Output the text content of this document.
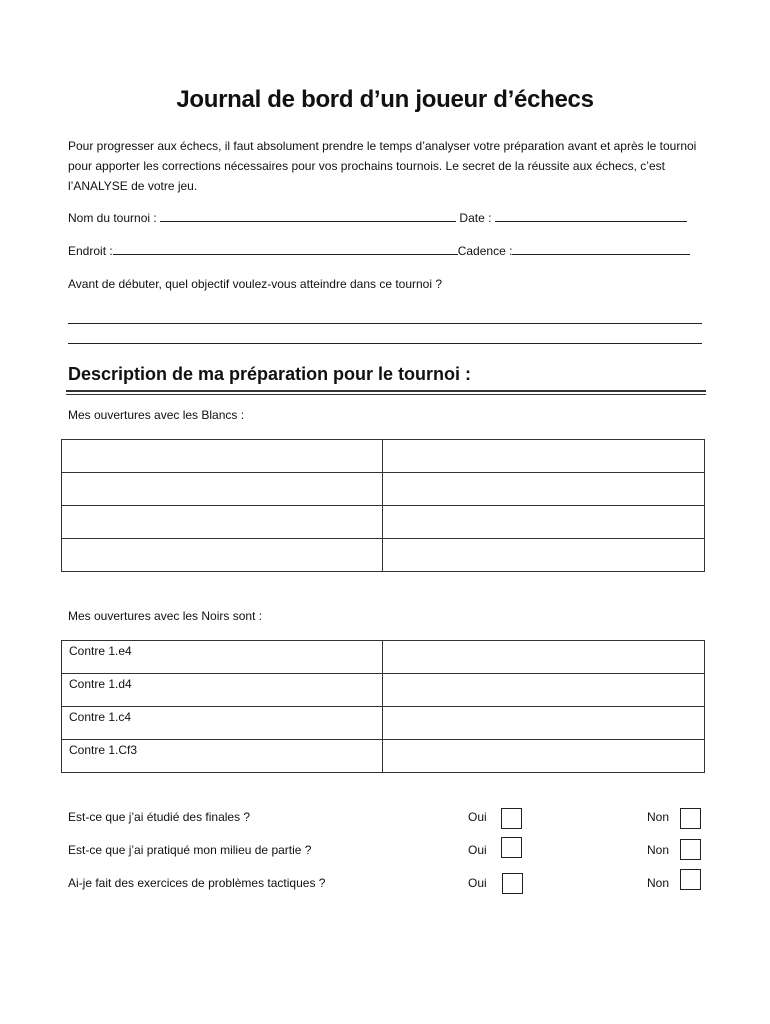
Journal de bord d’un joueur d’échecs
Pour progresser aux échecs, il faut absolument prendre le temps d’analyser votre préparation avant et après le tournoi pour apporter les corrections nécessaires pour vos prochains tournois. Le secret de la réussite aux échecs, c’est l’ANALYSE de votre jeu.
Nom du tournoi :	Date :
Endroit :	Cadence :
Avant de débuter, quel objectif voulez-vous atteindre dans ce tournoi ?
Description de ma préparation pour le tournoi :
Mes ouvertures avec les Blancs :

Mes ouvertures avec les Noirs sont :
Contre 1.e4	
Contre 1.d4	
Contre 1.c4	
Contre 1.Cf3	
Est-ce que j’ai étudié des finales ?	Oui	Non
Est-ce que j’ai pratiqué mon milieu de partie ?	Oui	Non
Ai-je fait des exercices de problèmes tactiques ?	Oui	Non
